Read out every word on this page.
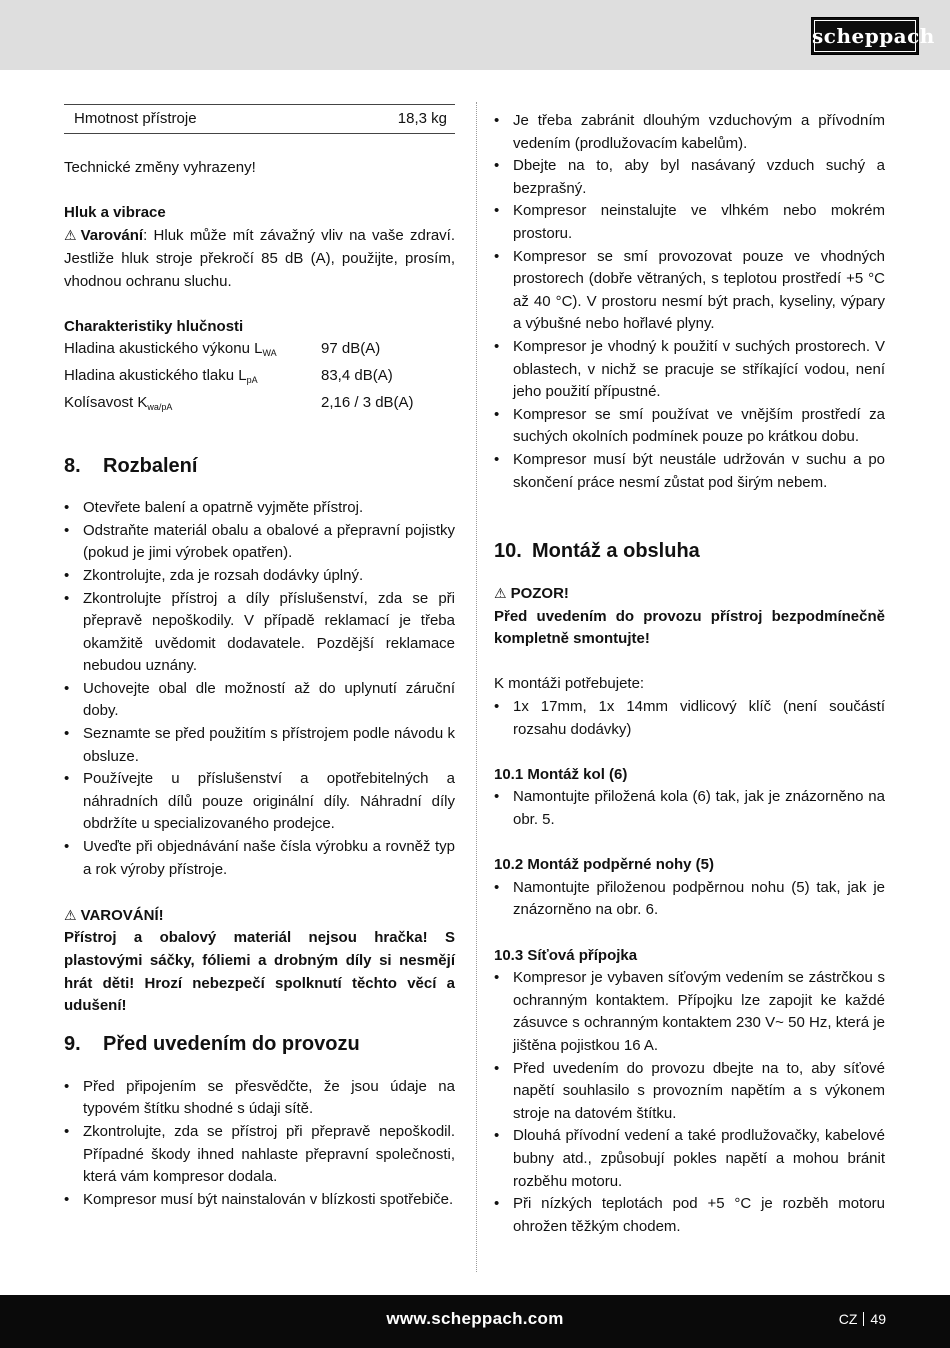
scheppach
Hmotnost přístroje	18,3 kg

Technické změny vyhrazeny!

Hluk a vibrace

⚠ Varování: Hluk může mít závažný vliv na vaše zdraví. Jestliže hluk stroje překročí 85 dB (A), použijte, prosím, vhodnou ochranu sluchu.

Charakteristiky hlučnosti

Hladina akustického výkonu $L_{WA}$	97 dB(A)
Hladina akustického tlaku $L_{pA}$	83,4 dB(A)
Kolísavost $K_{wa/pA}$	2,16 / 3 dB(A)
8. Rozbalení
• Otevřete balení a opatrně vyjměte přístroj.
• Odstraňte materiál obalu a obalové a přepravní pojistky (pokud je jimi výrobek opatřen).
• Zkontrolujte, zda je rozsah dodávky úplný.
• Zkontrolujte přístroj a díly příslušenství, zda se při přepravě nepoškodily. V případě reklamací je třeba okamžitě uvědomit dodavatele. Pozdější reklamace nebudou uznány.
• Uchovejte obal dle možností až do uplynutí záruční doby.
• Seznamte se před použitím s přístrojem podle návodu k obsluze.
• Používejte u příslušenství a opotřebitelných a náhradních dílů pouze originální díly. Náhradní díly obdržíte u specializovaného prodejce.
• Uveďte při objednávání naše čísla výrobku a rovněž typ a rok výroby přístroje.

⚠ VAROVÁNÍ!

Přístroj a obalový materiál nejsou hračka! S plastovými sáčky, fóliemi a drobným díly si nesmějí hrát děti! Hrozí nebezpečí spolknutí těchto věcí a udušení!

9. Před uvedením do provozu
• Před připojením se přesvědčte, že jsou údaje na typovém štítku shodné s údaji sítě.
• Zkontrolujte, zda se přístroj při přepravě nepoškodil. Případné škody ihned nahlaste přepravní společnosti, která vám kompresor dodala.
• Kompresor musí být nainstalován v blízkosti spotřebiče.
• Je třeba zabránit dlouhým vzduchovým a přívodním vedením (prodlužovacím kabelům).
• Dbejte na to, aby byl nasávaný vzduch suchý a bezprašný.
• Kompresor neinstalujte ve vlhkém nebo mokrém prostoru.
• Kompresor se smí provozovat pouze ve vhodných prostorech (dobře větraných, s teplotou prostředí +5 °C až 40 °C). V prostoru nesmí být prach, kyseliny, výpary a výbušné nebo hořlavé plyny.
• Kompresor je vhodný k použití v suchých prostorech. V oblastech, v nichž se pracuje se stříkající vodou, není jeho použití přípustné.
• Kompresor se smí používat ve vnějším prostředí za suchých okolních podmínek pouze po krátkou dobu.
• Kompresor musí být neustále udržován v suchu a po skončení práce nesmí zůstat pod širým nebem.
10. Montáž a obsluha

⚠ POZOR!

Před uvedením do provozu přístroj bezpodmínečně kompletně smontujte!

K montáži potřebujete:

• 1x 17mm, 1x 14mm vidlicový klíč (není součástí rozsahu dodávky)

10.1 Montáž kol (6)

• Namontujte přiložená kola (6) tak, jak je znázorněno na obr. 5.

10.2 Montáž podpěrné nohy (5)

• Namontujte přiloženou podpěrnou nohu (5) tak, jak je znázorněno na obr. 6.

10.3 Síťová přípojka

• Kompresor je vybaven síťovým vedením se zástrčkou s ochranným kontaktem. Přípojku lze zapojit ke každé zásuvce s ochranným kontaktem 230 V~ 50 Hz, která je jištěna pojistkou 16 A.
• Před uvedením do provozu dbejte na to, aby síťové napětí souhlasilo s provozním napětím a s výkonem stroje na datovém štítku.
• Dlouhá přívodní vedení a také prodlužovačky, kabelové bubny atd., způsobují pokles napětí a mohou bránit rozběhu motoru.
• Při nízkých teplotách pod +5 °C je rozběh motoru ohrožen těžkým chodem.
www.scheppach.com	CZ 49
